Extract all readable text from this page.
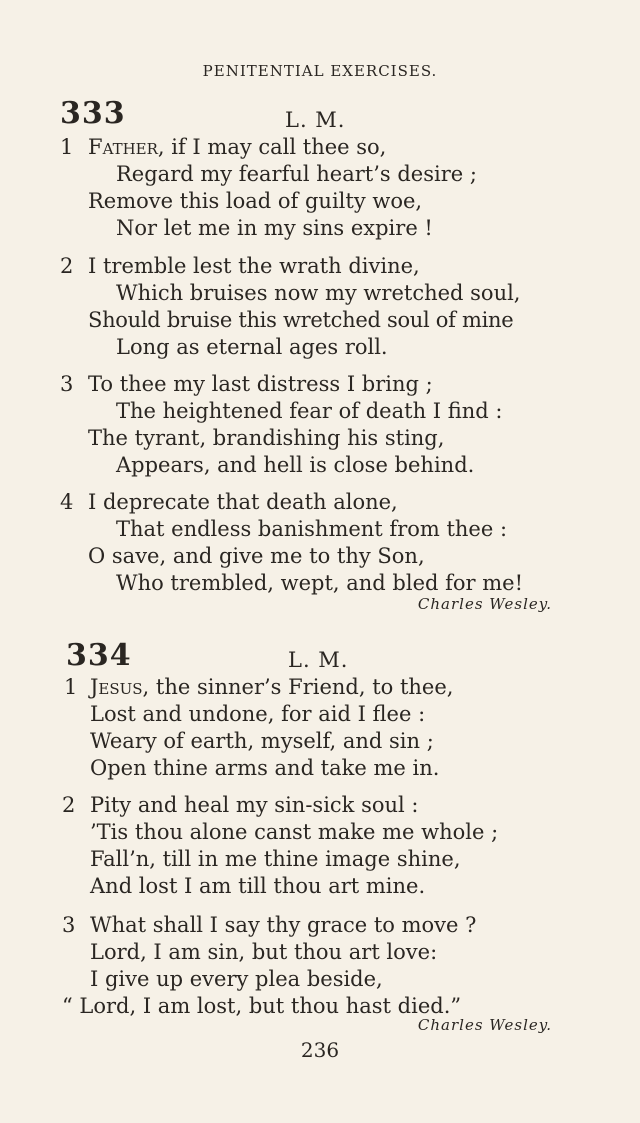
PENITENTIAL EXERCISES.
333	L. M.
1 Father, if I may call thee so,
Regard my fearful heart’s desire ;
Remove this load of guilty woe,
Nor let me in my sins expire !
2 I tremble lest the wrath divine,
Which bruises now my wretched soul,
Should bruise this wretched soul of mine
Long as eternal ages roll.
3 To thee my last distress I bring ;
The heightened fear of death I find :
The tyrant, brandishing his sting,
Appears, and hell is close behind.
4 I deprecate that death alone,
That endless banishment from thee :
O save, and give me to thy Son,
Who trembled, wept, and bled for me!
Charles Wesley.
334	L. M.
1 Jesus, the sinner’s Friend, to thee,
Lost and undone, for aid I flee :
Weary of earth, myself, and sin ;
Open thine arms and take me in.
2 Pity and heal my sin-sick soul :
’Tis thou alone canst make me whole ;
Fall’n, till in me thine image shine,
And lost I am till thou art mine.
3 What shall I say thy grace to move ?
Lord, I am sin, but thou art love:
I give up every plea beside,
“ Lord, I am lost, but thou hast died.”
Charles Wesley.
236
